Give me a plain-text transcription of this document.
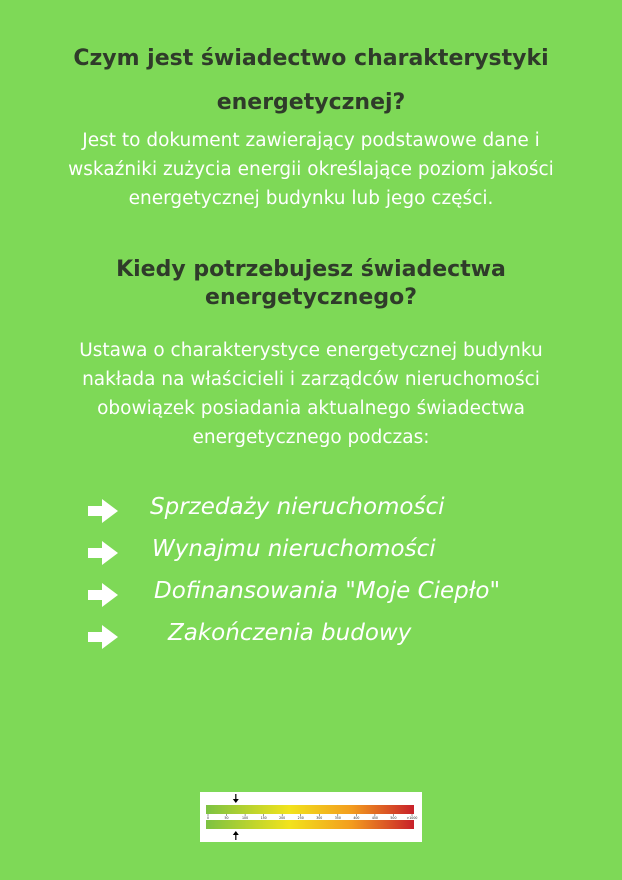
Czym jest świadectwo charakterystyki
energetycznej?

Jest to dokument zawierający podstawowe dane i

wskaźniki zużycia energii określające poziom jakości

energetycznej budynku lub jego części.

Kiedy potrzebujesz świadectwa
energetycznego?

Ustawa o charakterystyce energetycznej budynku

nakłada na właścicieli i zarządców nieruchomości

obowiązek posiadania aktualnego świadectwa

energetycznego podczas:

Sprzedaży nieruchomości
Wynajmu nieruchomości
Dofinansowania "Moje Ciepło"
Zakończenia budowy
0	50	100	150	200	250	300	350	400	450	500	>1000
